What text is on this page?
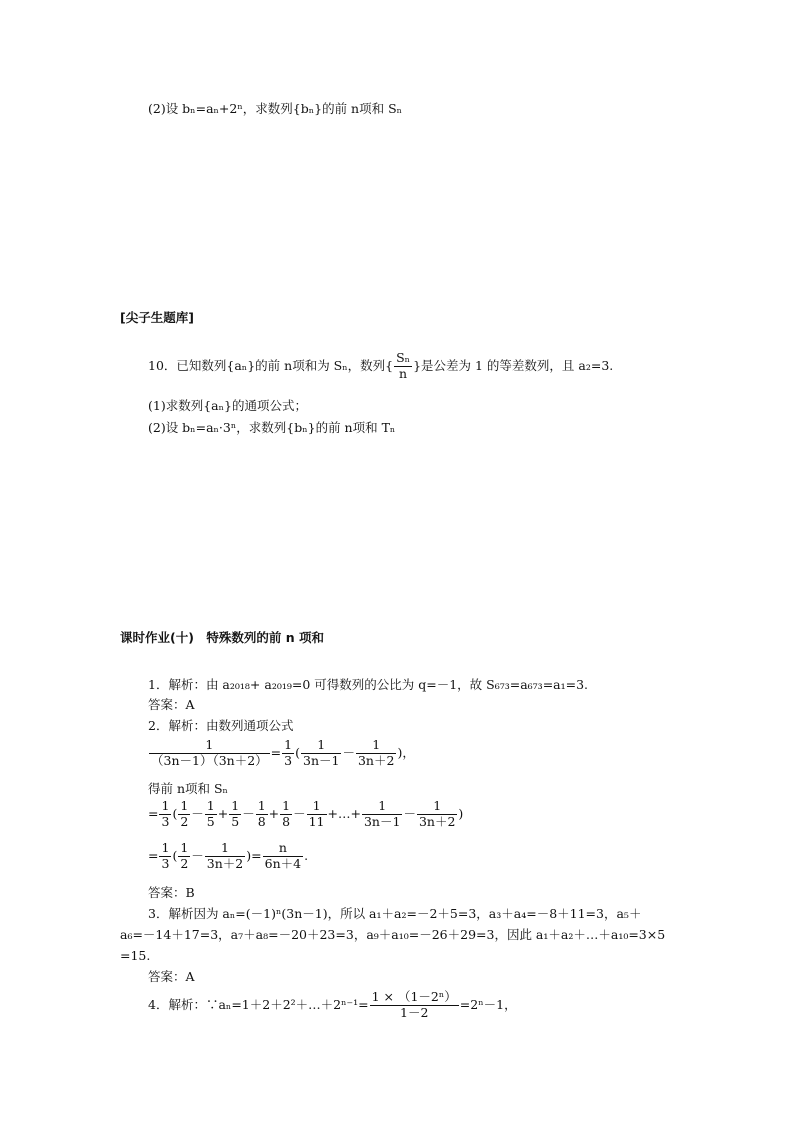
(2)设 bₙ=aₙ+2ⁿ，求数列{bₙ}的前 n项和 Sₙ
[尖子生题库]
10．已知数列{aₙ}的前 n项和为 Sₙ，数列{ $\frac{\text{Sₙ}}{n}$ }是公差为 1 的等差数列，且 a₂=3.
(1)求数列{aₙ}的通项公式；
(2)设 bₙ=aₙ·3ⁿ，求数列{bₙ}的前 n项和 Tₙ
课时作业(十)　特殊数列的前 n 项和
1．解析：由 a₂₀₁₈+ a₂₀₁₉=0 可得数列的公比为 q=－1，故 S₆₇₃=a₆₇₃=a₁=3.
答案：A
2．解析：由数列通项公式
$\frac{1}{(3n-1)(3n+2)} = \frac{1}{3}$ ( $\frac{1}{3n-1} - \frac{1}{3n+2}$ )，
得前 n项和 Sₙ
= $\frac{1}{3}$ ( $\frac{1}{2} - \frac{1}{5} + \frac{1}{5} - \frac{1}{8} + \frac{1}{8} - \frac{1}{11}$ +…+ $\frac{1}{3n-1} - \frac{1}{3n+2}$ )
= $\frac{1}{3}$ ( $\frac{1}{2} - \frac{1}{3n+2}$ )= $\frac{n}{6n+4}$ .
答案：B
3．解析因为 aₙ=(－1)ⁿ(3n－1)，所以 a₁＋a₂=－2＋5=3，a₃＋a₄=－8＋11=3，a₅＋
a₆=－14＋17=3，a₇＋a₈=－20＋23=3，a₉＋a₁₀=－26＋29=3，因此 a₁＋a₂＋…＋a₁₀=3×5
=15.
答案：A
4．解析：∵aₙ=1＋2＋2²＋…＋2ⁿ⁻¹= $\frac{\text{1 × （1－2ⁿ）}}{1-2} =2^n-1$，
